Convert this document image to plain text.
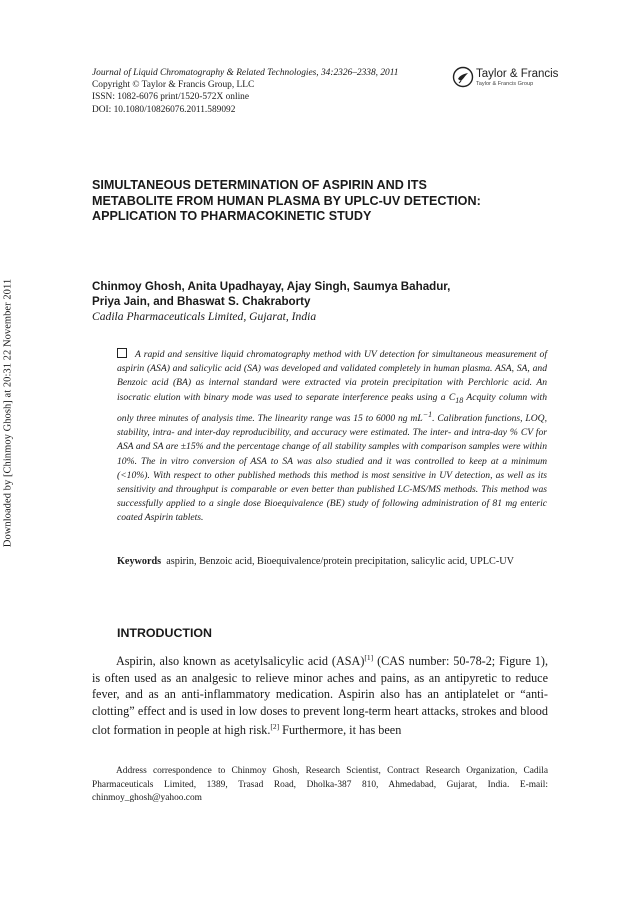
Downloaded by [Chinmoy Ghosh] at 20:31 22 November 2011
Journal of Liquid Chromatography & Related Technologies, 34:2326–2338, 2011
Copyright © Taylor & Francis Group, LLC
ISSN: 1082-6076 print/1520-572X online
DOI: 10.1080/10826076.2011.589092
Taylor & Francis
Taylor & Francis Group
SIMULTANEOUS DETERMINATION OF ASPIRIN AND ITS
METABOLITE FROM HUMAN PLASMA BY UPLC-UV DETECTION:
APPLICATION TO PHARMACOKINETIC STUDY
Chinmoy Ghosh, Anita Upadhayay, Ajay Singh, Saumya Bahadur,
Priya Jain, and Bhaswat S. Chakraborty
Cadila Pharmaceuticals Limited, Gujarat, India
A rapid and sensitive liquid chromatography method with UV detection for simultaneous measurement of aspirin (ASA) and salicylic acid (SA) was developed and validated completely in human plasma. ASA, SA, and Benzoic acid (BA) as internal standard were extracted via protein precipitation with Perchloric acid. An isocratic elution with binary mode was used to separate interference peaks using a $C_{18}$ Acquity column with only three minutes of analysis time. The linearity range was 15 to 6000 ng $mL^{-1}$. Calibration functions, LOQ, stability, intra- and inter-day reproducibility, and accuracy were estimated. The inter- and intra-day % CV for ASA and SA are ±15% and the percentage change of all stability samples with comparison samples were within 10%. The in vitro conversion of ASA to SA was also studied and it was controlled to keep at a minimum (<10%). With respect to other published methods this method is most sensitive in UV detection, as well as its sensitivity and throughput is comparable or even better than published LC-MS/MS methods. This method was successfully applied to a single dose Bioequivalence (BE) study of following administration of 81 mg enteric coated Aspirin tablets.
Keywords aspirin, Benzoic acid, Bioequivalence/protein precipitation, salicylic acid, UPLC-UV
INTRODUCTION
Aspirin, also known as acetylsalicylic acid (ASA)[1] (CAS number: 50-78-2; Figure 1), is often used as an analgesic to relieve minor aches and pains, as an antipyretic to reduce fever, and as an anti-inflammatory medication. Aspirin also has an antiplatelet or “anti-clotting” effect and is used in low doses to prevent long-term heart attacks, strokes and blood clot formation in people at high risk.[2] Furthermore, it has been
Address correspondence to Chinmoy Ghosh, Research Scientist, Contract Research Organization, Cadila Pharmaceuticals Limited, 1389, Trasad Road, Dholka-387 810, Ahmedabad, Gujarat, India. E-mail: chinmoy_ghosh@yahoo.com
